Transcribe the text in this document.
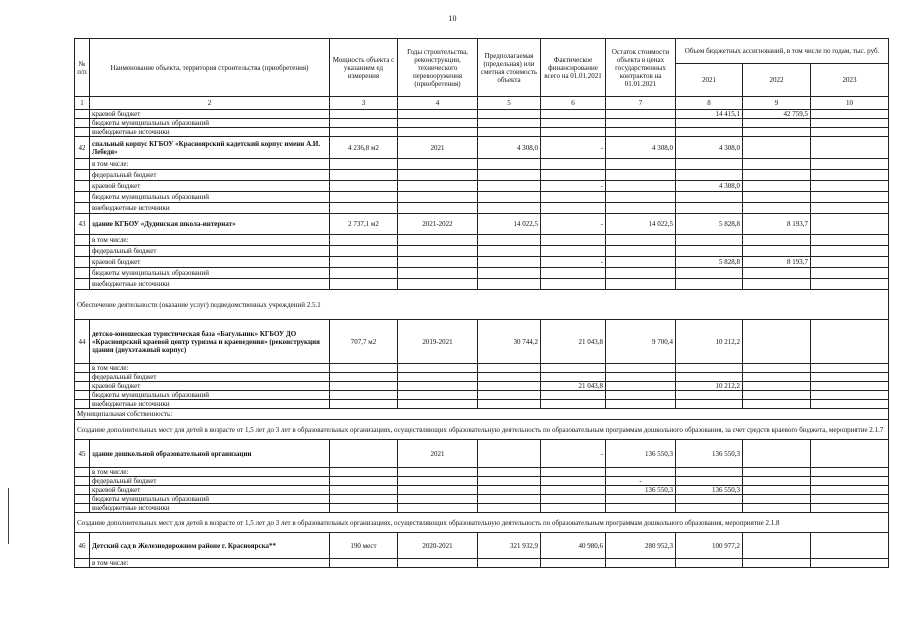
10
№ п/п	Наименование объекта, территория строительства (приобретения)	Мощность объекта с указанием ед измерения	Годы строительства, реконструкции, технического перевооружения (приобретения)	Предполагаемая (предельная) или сметная стоимость объекта	Фактическое финансирование всего на 01.01.2021	Остаток стоимости объекта в ценах государственных контрактов на 01.01.2021	Объем бюджетных ассигнований, в том числе по годам, тыс. руб.		
							2021	2022	2023
1	2	3	4	5	6	7	8	9	10
	краевой бюджет						14 415,1	42 759,5	
	бюджеты муниципальных образований								
	внебюджетные источники								
42	спальный корпус КГБОУ «Красноярский кадетский корпус имени А.И. Лебедя»	4 236,8 м2	2021	4 308,0	-	4 308,0	4 308,0		
	в том числе:								
	федеральный бюджет								
	краевой бюджет				-		4 308,0		
	бюджеты муниципальных образований								
	внебюджетные источники								
43	здание КГБОУ «Дудинская школа-интернат»	2 737,1 м2	2021-2022	14 022,5	-	14 022,5	5 828,8	8 193,7	
	в том числе:								
	федеральный бюджет								
	краевой бюджет				-		5 828,8	8 193,7	
	бюджеты муниципальных образований								
	внебюджетные источники								
Обеспечение деятельности (оказание услуг) подведомственных учреждений 2.5.1									
44	детско-юношеская туристическая база «Багульник» КГБОУ ДО «Красноярский краевой центр туризма и краеведения» (реконструкция здания (двухэтажный корпус)	707,7 м2	2019-2021	30 744,2	21 043,8	9 700,4	10 212,2		
	в том числе:								
	федеральный бюджет								
	краевой бюджет				21 043,8		10 212,2		
	бюджеты муниципальных образований								
	внебюджетные источники								
Муниципальная собственность:									
Создание дополнительных мест для детей в возрасте от 1,5 лет до 3 лет в образовательных организациях, осуществляющих образовательную деятельность по образовательным программам дошкольного образования, за счет средств краевого бюджета, мероприятие 2.1.7									
45	здание дошкольной образовательной организации		2021		-	136 550,3	136 550,3		
	в том числе:								
	федеральный бюджет					-			
	краевой бюджет					136 550,3	136 550,3		
	бюджеты муниципальных образований								
	внебюджетные источники								
Создание дополнительных мест для детей в возрасте от 1,5 лет до 3 лет в образовательных организациях, осуществляющих образовательную деятельность по образовательным программам дошкольного образования, мероприятие 2.1.8									
46	Детский сад в Железнодорожном районе г. Красноярска**	190 мест	2020-2021	321 932,9	40 980,6	280 952,3	100 977,2		
	в том числе:								
